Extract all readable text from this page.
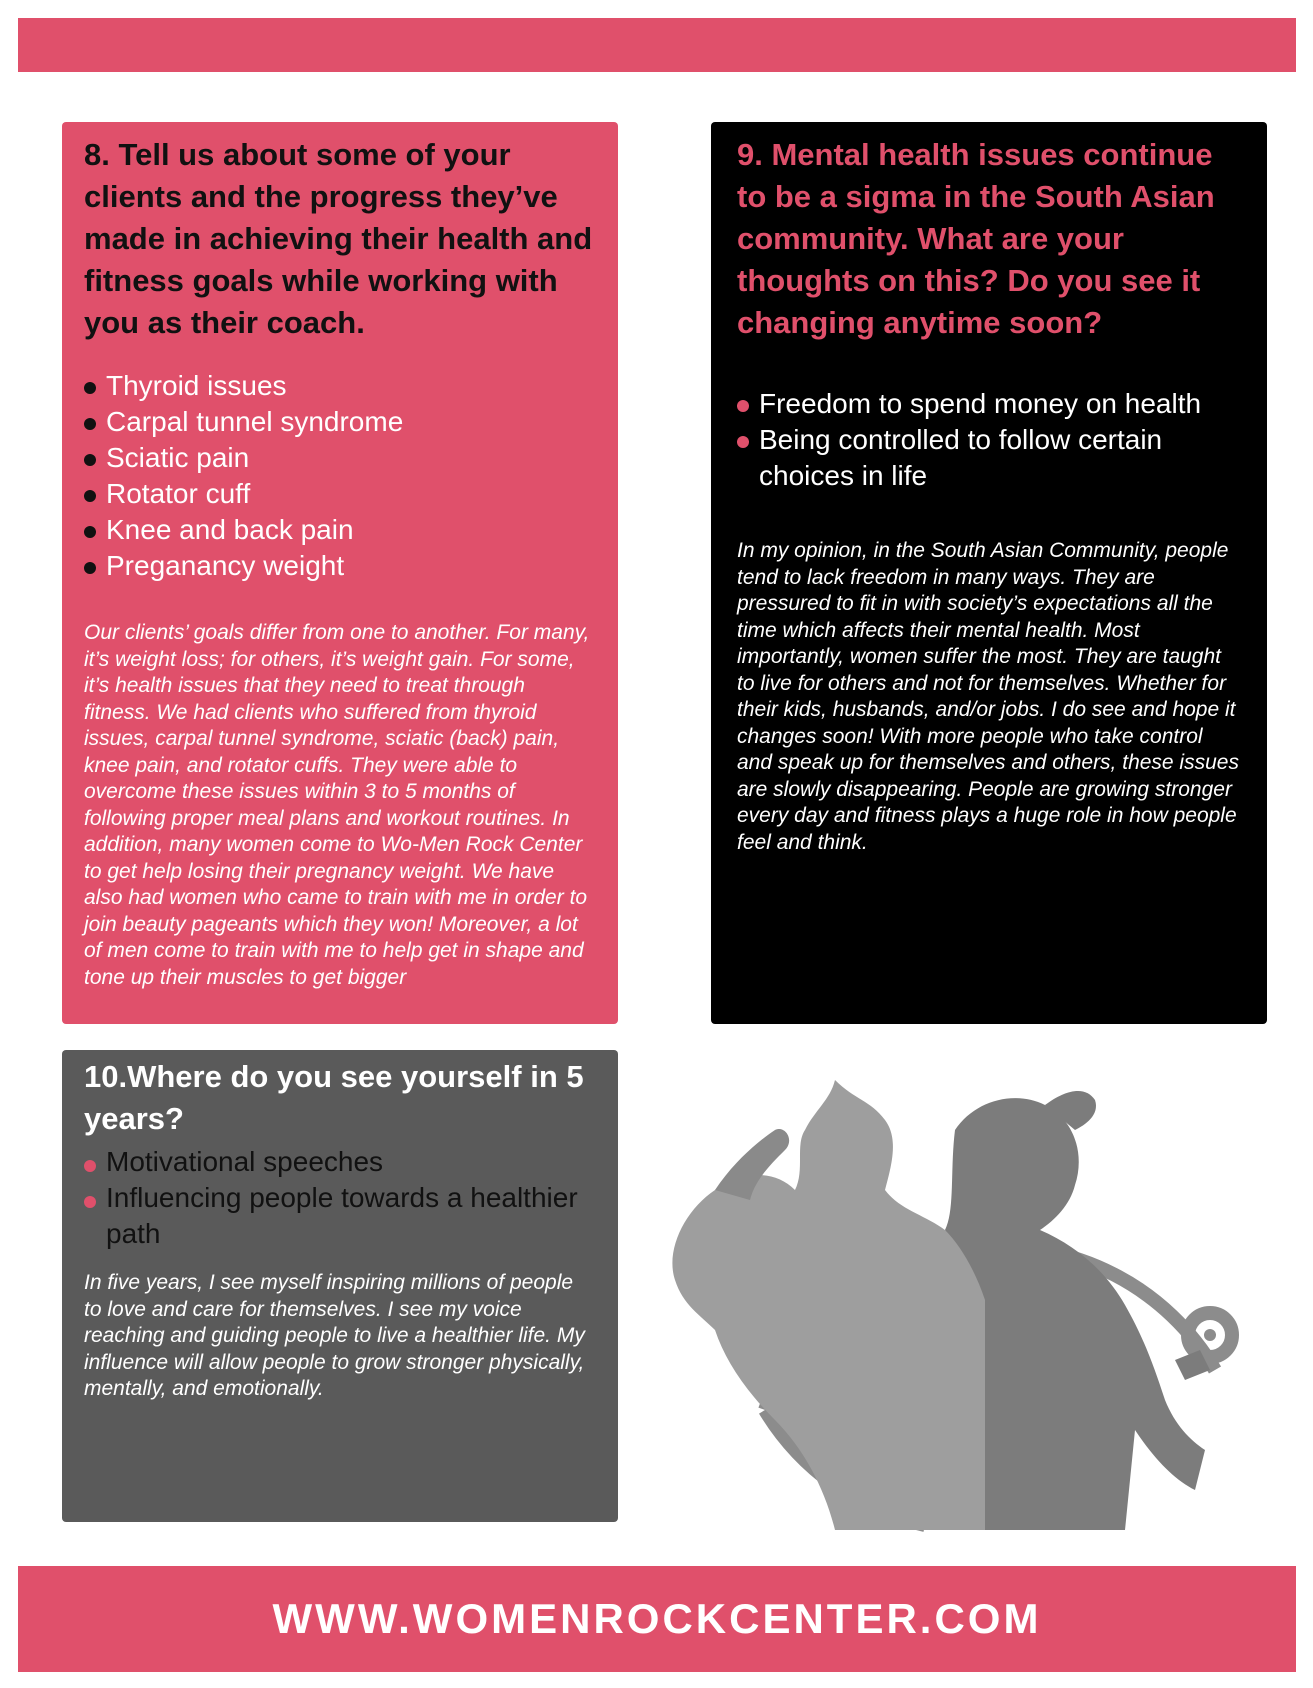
8. Tell us about some of your clients and the progress they’ve made in achieving their health and fitness goals while working with you as their coach.
Thyroid issues
Carpal tunnel syndrome
Sciatic pain
Rotator cuff
Knee and back pain
Preganancy weight

Our clients’ goals differ from one to another. For many, it’s weight loss; for others, it’s weight gain. For some, it’s health issues that they need to treat through fitness. We had clients who suffered from thyroid issues, carpal tunnel syndrome, sciatic (back) pain, knee pain, and rotator cuffs. They were able to overcome these issues within 3 to 5 months of following proper meal plans and workout routines. In addition, many women come to Wo-Men Rock Center to get help losing their pregnancy weight. We have also had women who came to train with me in order to join beauty pageants which they won! Moreover, a lot of men come to train with me to help get in shape and tone up their muscles to get bigger

9. Mental health issues continue to be a sigma in the South Asian community. What are your thoughts on this? Do you see it changing anytime soon?
Freedom to spend money on health
Being controlled to follow certain choices in life

In my opinion, in the South Asian Community, people tend to lack freedom in many ways. They are pressured to fit in with society’s expectations all the time which affects their mental health. Most importantly, women suffer the most. They are taught to live for others and not for themselves. Whether for their kids, husbands, and/or jobs. I do see and hope it changes soon! With more people who take control and speak up for themselves and others, these issues are slowly disappearing. People are growing stronger every day and fitness plays a huge role in how people feel and think.

10.Where do you see yourself in 5 years?
Motivational speeches
Influencing people towards a healthier path

In five years, I see myself inspiring millions of people to love and care for themselves. I see my voice reaching and guiding people to live a healthier life. My influence will allow people to grow stronger physically, mentally, and emotionally.

WWW.WOMENROCKCENTER.COM
